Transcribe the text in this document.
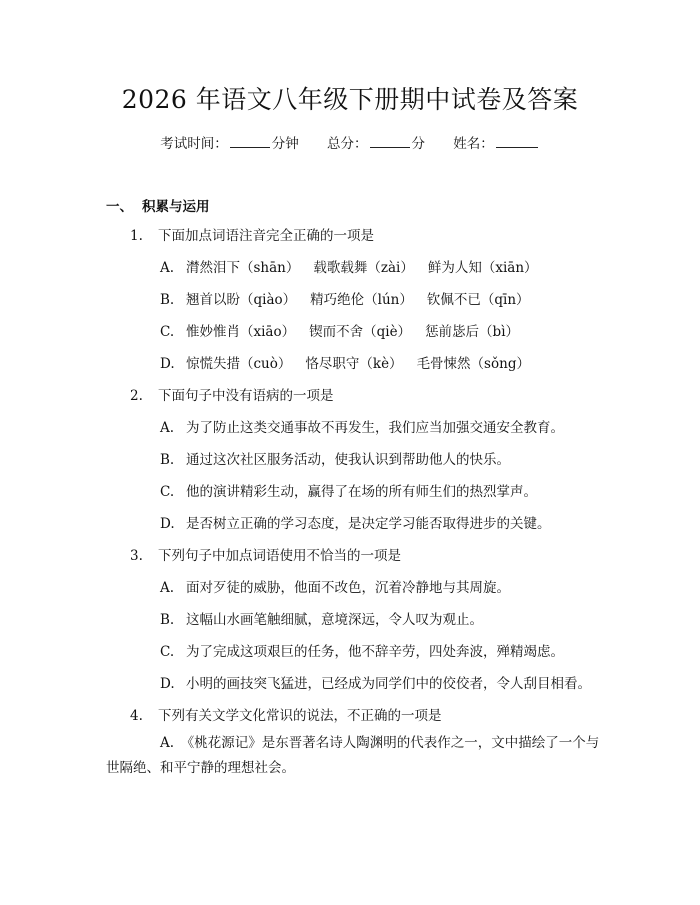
2026 年语文八年级下册期中试卷及答案
考试时间：	分钟 总分：	分 姓名：
一、 积累与运用
1. 下面加点词语注音完全正确的一项是
A. 潸然泪下（shān） 载歌载舞（zài） 鲜为人知（xiān）
B. 翘首以盼（qiào） 精巧绝伦（lún） 钦佩不已（qīn）
C. 惟妙惟肖（xiāo） 锲而不舍（qiè） 惩前毖后（bì）
D. 惊慌失措（cuò） 恪尽职守（kè） 毛骨悚然（sǒng）
2. 下面句子中没有语病的一项是
A. 为了防止这类交通事故不再发生，我们应当加强交通安全教育。
B. 通过这次社区服务活动，使我认识到帮助他人的快乐。
C. 他的演讲精彩生动，赢得了在场的所有师生们的热烈掌声。
D. 是否树立正确的学习态度，是决定学习能否取得进步的关键。
3. 下列句子中加点词语使用不恰当的一项是
A. 面对歹徒的威胁，他面不改色，沉着冷静地与其周旋。
B. 这幅山水画笔触细腻，意境深远，令人叹为观止。
C. 为了完成这项艰巨的任务，他不辞辛劳，四处奔波，殚精竭虑。
D. 小明的画技突飞猛进，已经成为同学们中的佼佼者，令人刮目相看。
4. 下列有关文学文化常识的说法，不正确的一项是
A.　《桃花源记》是东晋著名诗人陶渊明的代表作之一，文中描绘了一个与世隔绝、和平宁静的理想社会。
